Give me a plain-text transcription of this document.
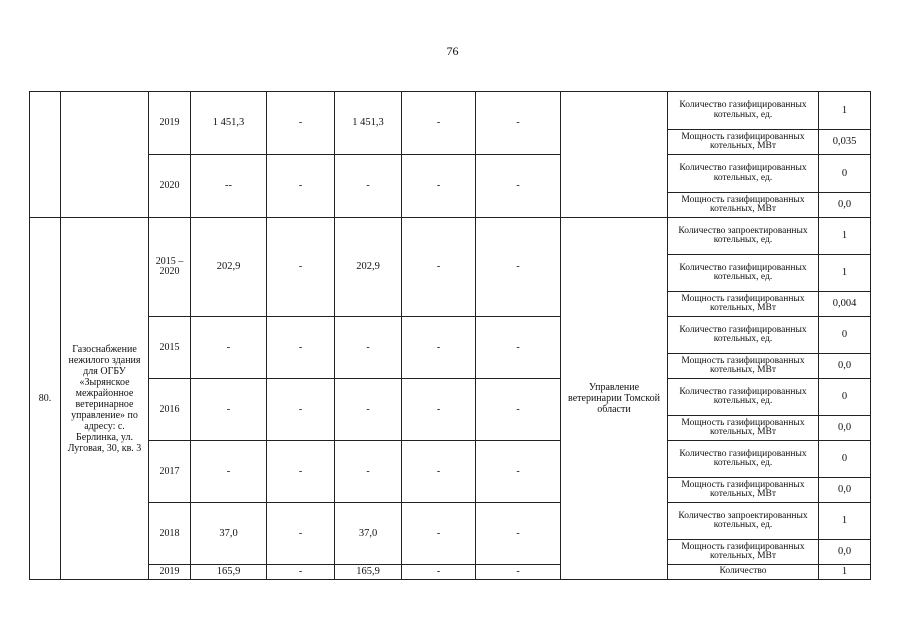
76
		2019	1 451,3	-	1 451,3	-	-		Количество газифицированных котельных, ед.	1
									Мощность газифицированных котельных, МВт	0,035
		2020	--	-	-	-	-		Количество газифицированных котельных, ед.	0
									Мощность газифицированных котельных, МВт	0,0
80.	Газоснабжение нежилого здания для ОГБУ «Зырянское межрайонное ветеринарное управление» по адресу: с. Берлинка, ул. Луговая, 30, кв. 3	2015 – 2020	202,9	-	202,9	-	-	Управление ветеринарии Томской области	Количество запроектированных котельных, ед.	1
									Количество газифицированных котельных, ед.	1
									Мощность газифицированных котельных, МВт	0,004
		2015	-	-	-	-	-		Количество газифицированных котельных, ед.	0
									Мощность газифицированных котельных, МВт	0,0
		2016	-	-	-	-	-		Количество газифицированных котельных, ед.	0
									Мощность газифицированных котельных, МВт	0,0
		2017	-	-	-	-	-		Количество газифицированных котельных, ед.	0
									Мощность газифицированных котельных, МВт	0,0
		2018	37,0	-	37,0	-	-		Количество запроектированных котельных, ед.	1
									Мощность газифицированных котельных, МВт	0,0
		2019	165,9	-	165,9	-	-		Количество	1
